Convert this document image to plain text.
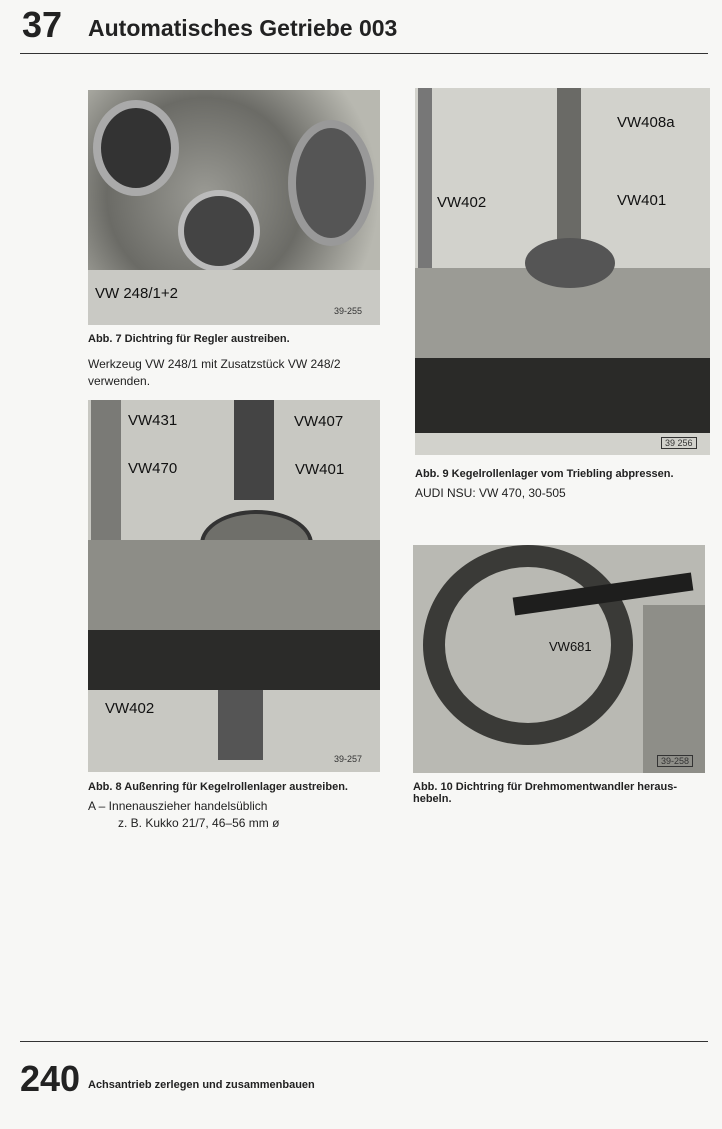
37 Automatisches Getriebe 003
VW 248/1+2
39-255
Abb. 7 Dichtring für Regler austreiben.
Werkzeug VW 248/1 mit Zusatzstück VW 248/2
verwenden.
VW408a
VW402	VW401
39 256
Abb. 9 Kegelrollenlager vom Triebling abpressen.
AUDI NSU: VW 470, 30-505
VW431	VW407
VW470	VW401
VW402
39-257
Abb. 8 Außenring für Kegelrollenlager austreiben.
A – Innenauszieher handelsüblich
z. B. Kukko 21/7, 46–56 mm ø
VW681
39-258
Abb. 10 Dichtring für Drehmomentwandler heraus-
hebeln.
240 Achsantrieb zerlegen und zusammenbauen
